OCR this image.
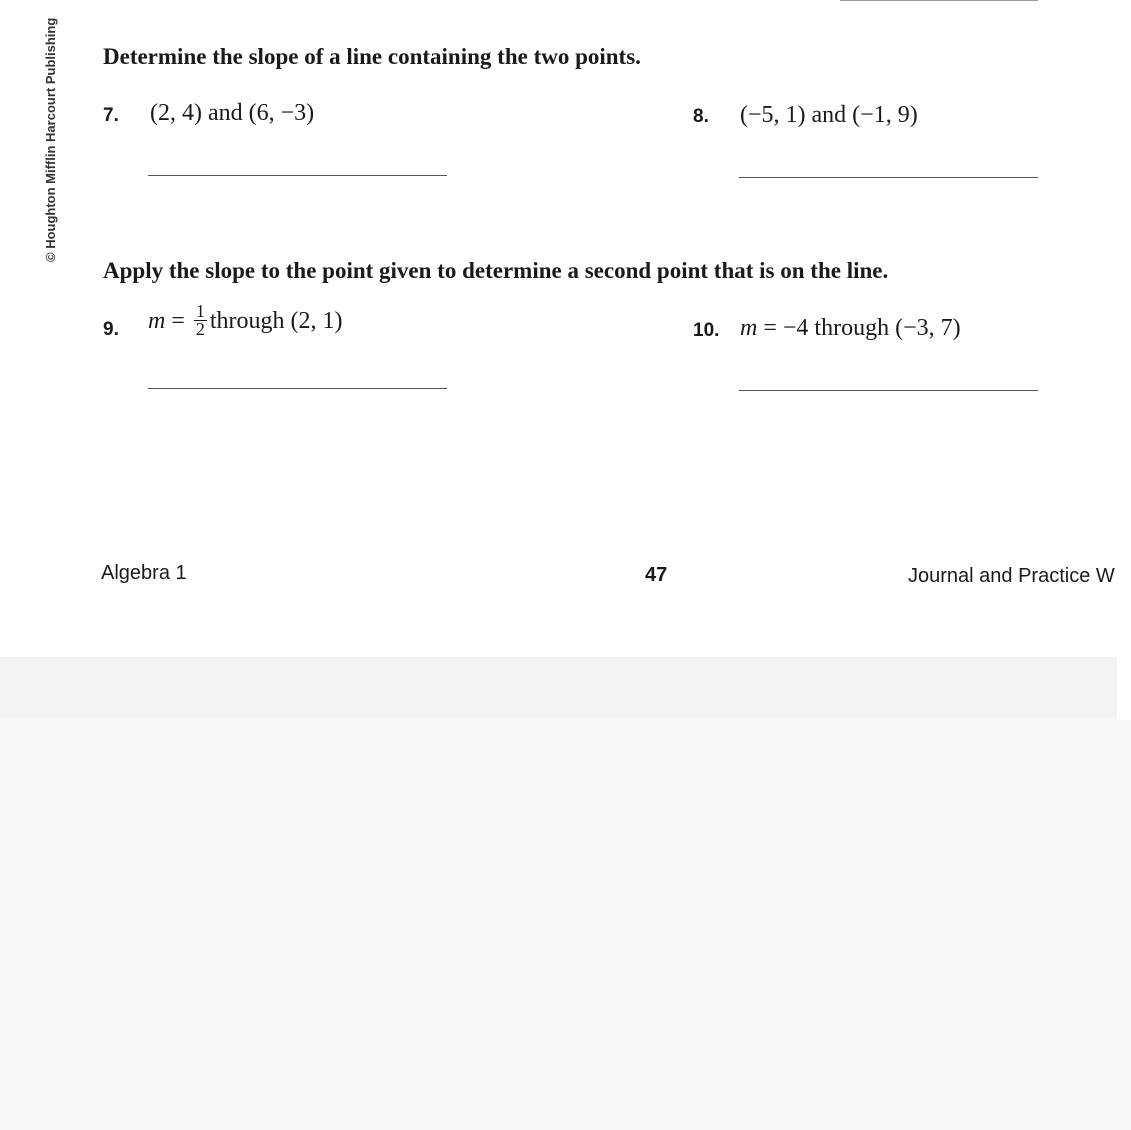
© Houghton Mifflin Harcourt Publishing Determine the slope of a line containing the two points.
7. (2, 4) and (6, −3)	8. (−5, 1) and (−1, 9)
Apply the slope to the point given to determine a second point that is on the line.
9. $m = \frac{1}{2}$ through (2, 1)	10. m = −4 through (−3, 7)
Algebra 1	47	Journal and Practice W
